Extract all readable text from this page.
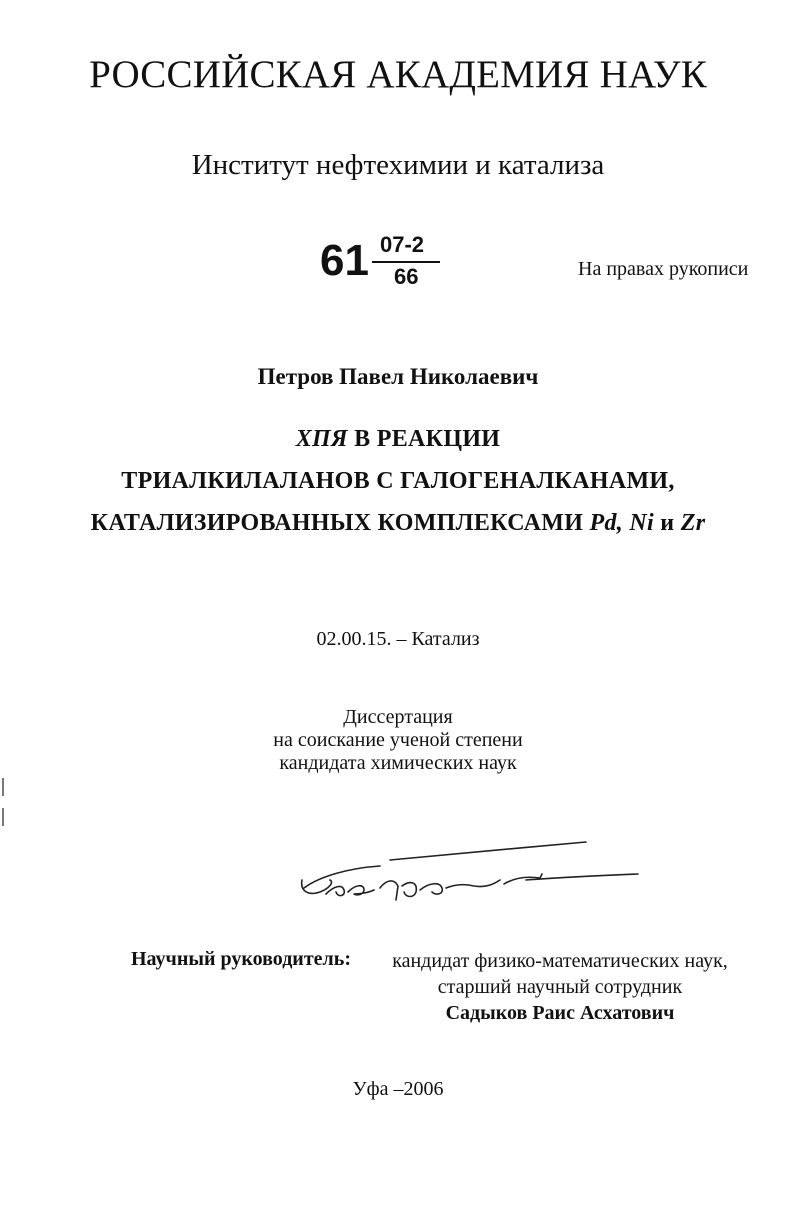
РОССИЙСКАЯ АКАДЕМИЯ НАУК
Институт нефтехимии и катализа
61 07-2
66	На правах рукописи
Петров Павел Николаевич
ХПЯ В РЕАКЦИИ
ТРИАЛКИЛАЛАНОВ С ГАЛОГЕНАЛКАНАМИ,
КАТАЛИЗИРОВАННЫХ КОМПЛЕКСАМИ Pd, Ni и Zr
02.00.15. – Катализ
Диссертация
на соискание ученой степени
кандидата химических наук
Научный руководитель:	кандидат физико-математических наук,
старший научный сотрудник
Садыков Раис Асхатович
Уфа –2006
